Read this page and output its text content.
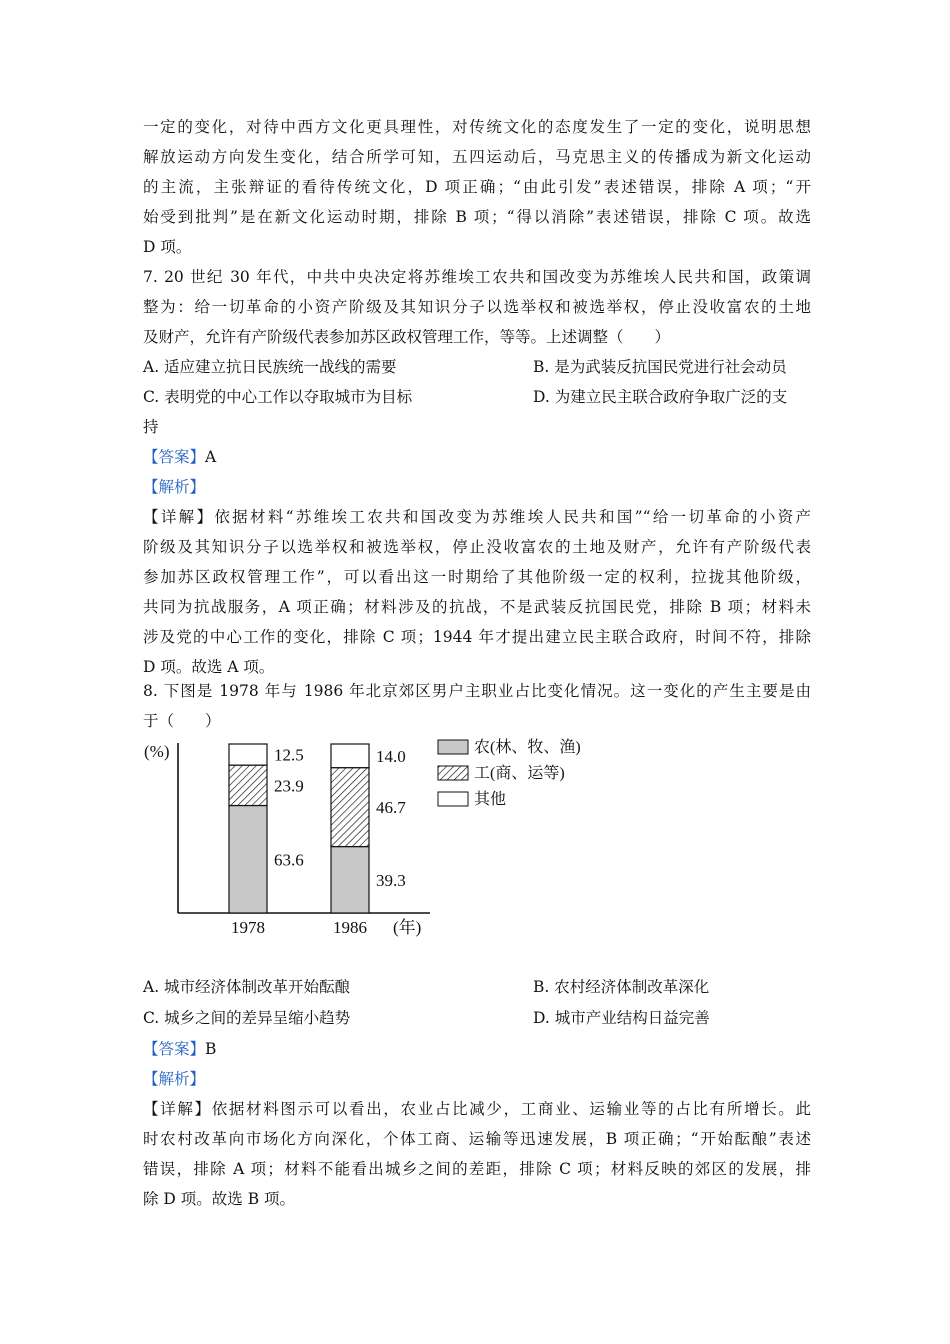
一定的变化，对待中西方文化更具理性，对传统文化的态度发生了一定的变化，说明思想
解放运动方向发生变化，结合所学可知，五四运动后，马克思主义的传播成为新文化运动
的主流，主张辩证的看待传统文化，D 项正确；“由此引发”表述错误，排除 A 项；“开
始受到批判”是在新文化运动时期，排除 B 项；“得以消除”表述错误，排除 C 项。故选
D 项。
7. 20 世纪 30 年代，中共中央决定将苏维埃工农共和国改变为苏维埃人民共和国，政策调
整为：给一切革命的小资产阶级及其知识分子以选举权和被选举权，停止没收富农的土地
及财产，允许有产阶级代表参加苏区政权管理工作，等等。上述调整（　　）
A. 适应建立抗日民族统一战线的需要	B. 是为武装反抗国民党进行社会动员
C. 表明党的中心工作以夺取城市为目标	D. 为建立民主联合政府争取广泛的支
持
【答案】A
【解析】
【详解】依据材料“苏维埃工农共和国改变为苏维埃人民共和国”“给一切革命的小资产
阶级及其知识分子以选举权和被选举权，停止没收富农的土地及财产，允许有产阶级代表
参加苏区政权管理工作”，可以看出这一时期给了其他阶级一定的权利，拉拢其他阶级，
共同为抗战服务，A 项正确；材料涉及的抗战，不是武装反抗国民党，排除 B 项；材料未
涉及党的中心工作的变化，排除 C 项；1944 年才提出建立民主联合政府，时间不符，排除
D 项。故选 A 项。
8. 下图是 1978 年与 1986 年北京郊区男户主职业占比变化情况。这一变化的产生主要是由
于（　　）
(%)
63.6
23.9
12.5
39.3
46.7
14.0
1978	1986 (年)
农(林、牧、渔)
工(商、运等)
其他
A. 城市经济体制改革开始酝酿	B. 农村经济体制改革深化
C. 城乡之间的差异呈缩小趋势	D. 城市产业结构日益完善
【答案】B
【解析】
【详解】依据材料图示可以看出，农业占比减少，工商业、运输业等的占比有所增长。此
时农村改革向市场化方向深化，个体工商、运输等迅速发展，B 项正确；“开始酝酿”表述
错误，排除 A 项；材料不能看出城乡之间的差距，排除 C 项；材料反映的郊区的发展，排
除 D 项。故选 B 项。
